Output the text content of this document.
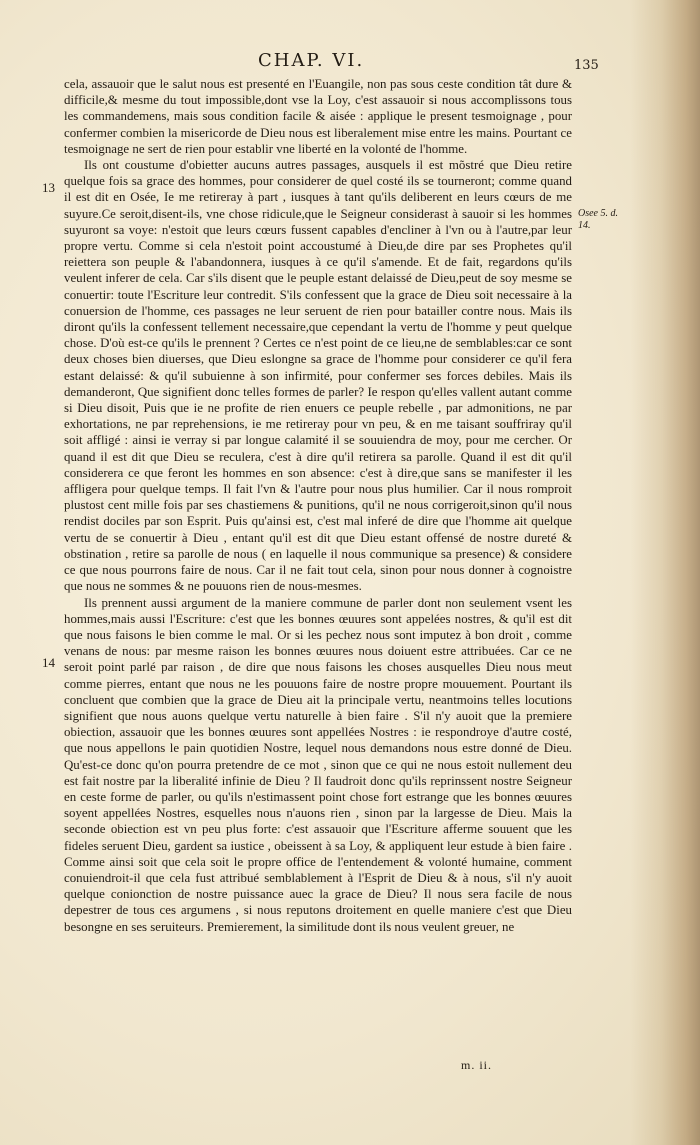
CHAP. VI.	135
13
14
Osee 5. d. 14.

cela, assauoir que le salut nous est presenté en l'Euangile, non pas sous ceste condition tât dure & difficile,& mesme du tout impossible,dont vse la Loy, c'est assauoir si nous accomplissons tous les commandemens, mais sous condition facile & aisée : applique le present tesmoignage , pour confermer combien la misericorde de Dieu nous est liberalement mise entre les mains. Pourtant ce tesmoignage ne sert de rien pour establir vne liberté en la volonté de l'homme.

Ils ont coustume d'obietter aucuns autres passages, ausquels il est mõstré que Dieu retire quelque fois sa grace des hommes, pour considerer de quel costé ils se tourneront; comme quand il est dit en Osée, Ie me retireray à part , iusques à tant qu'ils deliberent en leurs cœurs de me suyure.Ce seroit,disent-ils, vne chose ridicule,que le Seigneur considerast à sauoir si les hommes suyuront sa voye: n'estoit que leurs cœurs fussent capables d'encliner à l'vn ou à l'autre,par leur propre vertu. Comme si cela n'estoit point accoustumé à Dieu,de dire par ses Prophetes qu'il reiettera son peuple & l'abandonnera, iusques à ce qu'il s'amende. Et de fait, regardons qu'ils veulent inferer de cela. Car s'ils disent que le peuple estant delaissé de Dieu,peut de soy mesme se conuertir: toute l'Escriture leur contredit. S'ils confessent que la grace de Dieu soit necessaire à la conuersion de l'homme, ces passages ne leur seruent de rien pour batailler contre nous. Mais ils diront qu'ils la confessent tellement necessaire,que cependant la vertu de l'homme y peut quelque chose. D'où est-ce qu'ils le prennent ? Certes ce n'est point de ce lieu,ne de semblables:car ce sont deux choses bien diuerses, que Dieu eslongne sa grace de l'homme pour considerer ce qu'il fera estant delaissé: & qu'il subuienne à son infirmité, pour confermer ses forces debiles. Mais ils demanderont, Que signifient donc telles formes de parler? Ie respon qu'elles vallent autant comme si Dieu disoit, Puis que ie ne profite de rien enuers ce peuple rebelle , par admonitions, ne par exhortations, ne par reprehensions, ie me retireray pour vn peu, & en me taisant souffriray qu'il soit affligé : ainsi ie verray si par longue calamité il se souuiendra de moy, pour me cercher. Or quand il est dit que Dieu se reculera, c'est à dire qu'il retirera sa parolle. Quand il est dit qu'il considerera ce que feront les hommes en son absence: c'est à dire,que sans se manifester il les affligera pour quelque temps. Il fait l'vn & l'autre pour nous plus humilier. Car il nous romproit plustost cent mille fois par ses chastiemens & punitions, qu'il ne nous corrigeroit,sinon qu'il nous rendist dociles par son Esprit. Puis qu'ainsi est, c'est mal inferé de dire que l'homme ait quelque vertu de se conuertir à Dieu , entant qu'il est dit que Dieu estant offensé de nostre dureté & obstination , retire sa parolle de nous ( en laquelle il nous communique sa presence) & considere ce que nous pourrons faire de nous. Car il ne fait tout cela, sinon pour nous donner à cognoistre que nous ne sommes & ne pouuons rien de nous-mesmes.

Ils prennent aussi argument de la maniere commune de parler dont non seulement vsent les hommes,mais aussi l'Escriture: c'est que les bonnes œuures sont appelées nostres, & qu'il est dit que nous faisons le bien comme le mal. Or si les pechez nous sont imputez à bon droit , comme venans de nous: par mesme raison les bonnes œuures nous doiuent estre attribuées. Car ce ne seroit point parlé par raison , de dire que nous faisons les choses ausquelles Dieu nous meut comme pierres, entant que nous ne les pouuons faire de nostre propre mouuement. Pourtant ils concluent que combien que la grace de Dieu ait la principale vertu, neantmoins telles locutions signifient que nous auons quelque vertu naturelle à bien faire . S'il n'y auoit que la premiere obiection, assauoir que les bonnes œuures sont appellées Nostres : ie respondroye d'autre costé, que nous appellons le pain quotidien Nostre, lequel nous demandons nous estre donné de Dieu. Qu'est-ce donc qu'on pourra pretendre de ce mot , sinon que ce qui ne nous estoit nullement deu est fait nostre par la liberalité infinie de Dieu ? Il faudroit donc qu'ils reprinssent nostre Seigneur en ceste forme de parler, ou qu'ils n'estimassent point chose fort estrange que les bonnes œuures soyent appellées Nostres, esquelles nous n'auons rien , sinon par la largesse de Dieu. Mais la seconde obiection est vn peu plus forte: c'est assauoir que l'Escriture afferme souuent que les fideles seruent Dieu, gardent sa iustice , obeissent à sa Loy, & appliquent leur estude à bien faire . Comme ainsi soit que cela soit le propre office de l'entendement & volonté humaine, comment conuiendroit-il que cela fust attribué semblablement à l'Esprit de Dieu & à nous, s'il n'y auoit quelque conionction de nostre puissance auec la grace de Dieu? Il nous sera facile de nous depestrer de tous ces argumens , si nous reputons droitement en quelle maniere c'est que Dieu besongne en ses seruiteurs. Premierement, la similitude dont ils nous veulent greuer, ne

m. ii.
